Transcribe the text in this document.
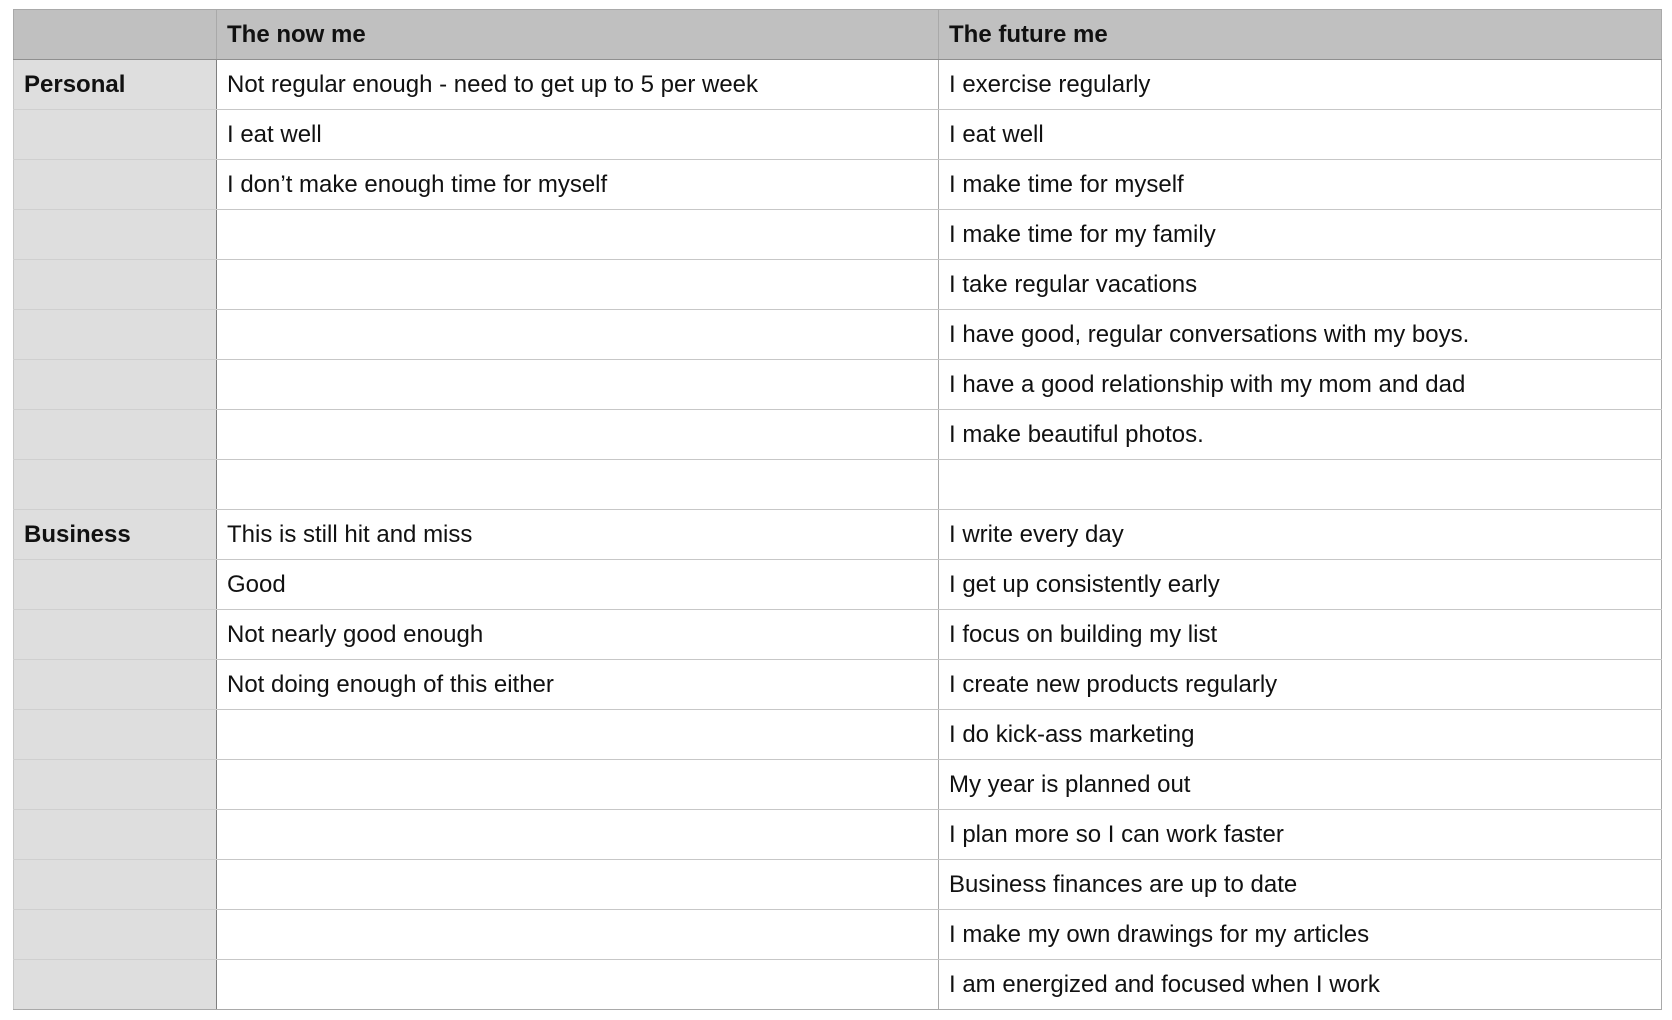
	The now me	The future me
Personal	Not regular enough - need to get up to 5 per week	I exercise regularly
	I eat well	I eat well
	I don’t make enough time for myself	I make time for myself
		I make time for my family
		I take regular vacations
		I have good, regular conversations with my boys.
		I have a good relationship with my mom and dad
		I make beautiful photos.

Business	This is still hit and miss	I write every day
	Good	I get up consistently early
	Not nearly good enough	I focus on building my list
	Not doing enough of this either	I create new products regularly
		I do kick-ass marketing
		My year is planned out
		I plan more so I can work faster
		Business finances are up to date
		I make my own drawings for my articles
		I am energized and focused when I work
